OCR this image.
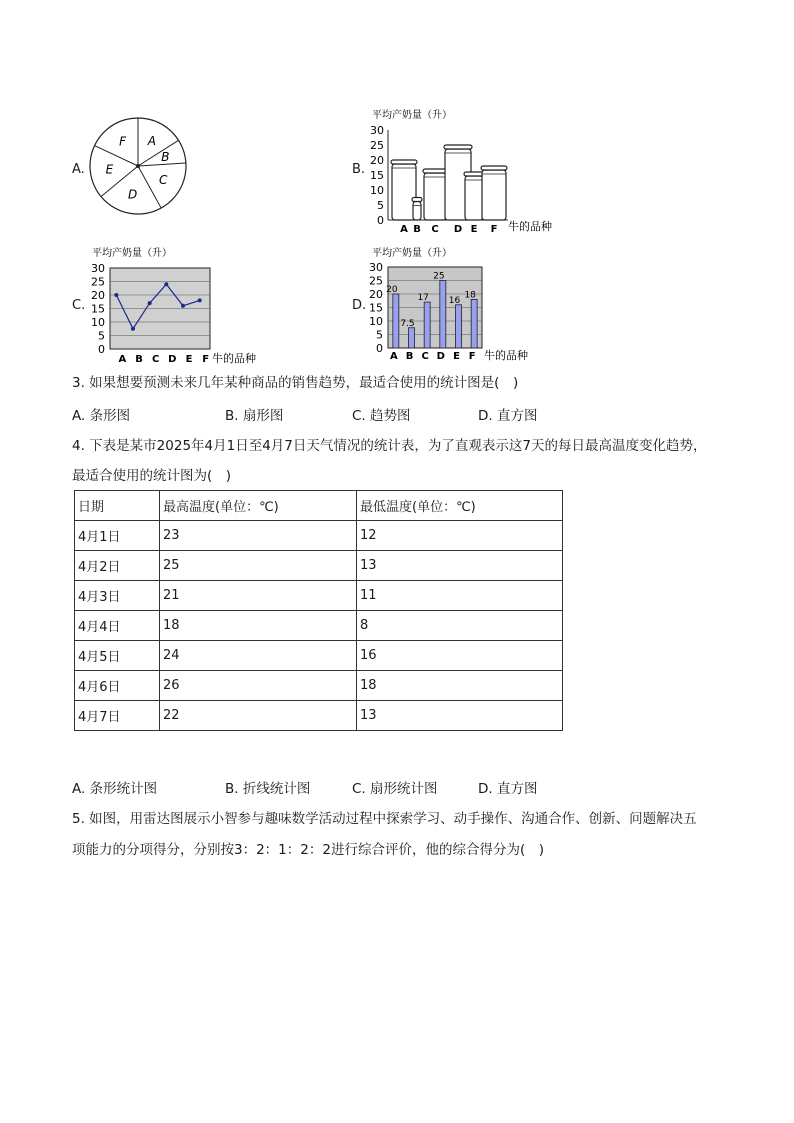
A.
A
B
C
D
E
F
B.
平均产奶量（升）
0
5
10
15
20
25
30
A B C D E F 牛的品种
C.
平均产奶量（升）
0
5
10
15
20
25
30
A B C D E F 牛的品种
D.
平均产奶量（升）
0
5
10
15
20
25
30
20
7.5
17
25
16
18
A B C D E F 牛的品种
3. 如果想要预测未来几年某种商品的销售趋势，最适合使用的统计图是(　)
A. 条形图	B. 扇形图	C. 趋势图	D. 直方图
4. 下表是某市2025年4月1日至4月7日天气情况的统计表，为了直观表示这7天的每日最高温度变化趋势，
最适合使用的统计图为(　)
日期	最高温度(单位：℃)	最低温度(单位：℃)
4月1日	23	12
4月2日	25	13
4月3日	21	11
4月4日	18	8
4月5日	24	16
4月6日	26	18
4月7日	22	13
A. 条形统计图	B. 折线统计图	C. 扇形统计图	D. 直方图
5. 如图，用雷达图展示小智参与趣味数学活动过程中探索学习、动手操作、沟通合作、创新、问题解决五
项能力的分项得分，分别按3：2：1：2：2进行综合评价，他的综合得分为(　)
